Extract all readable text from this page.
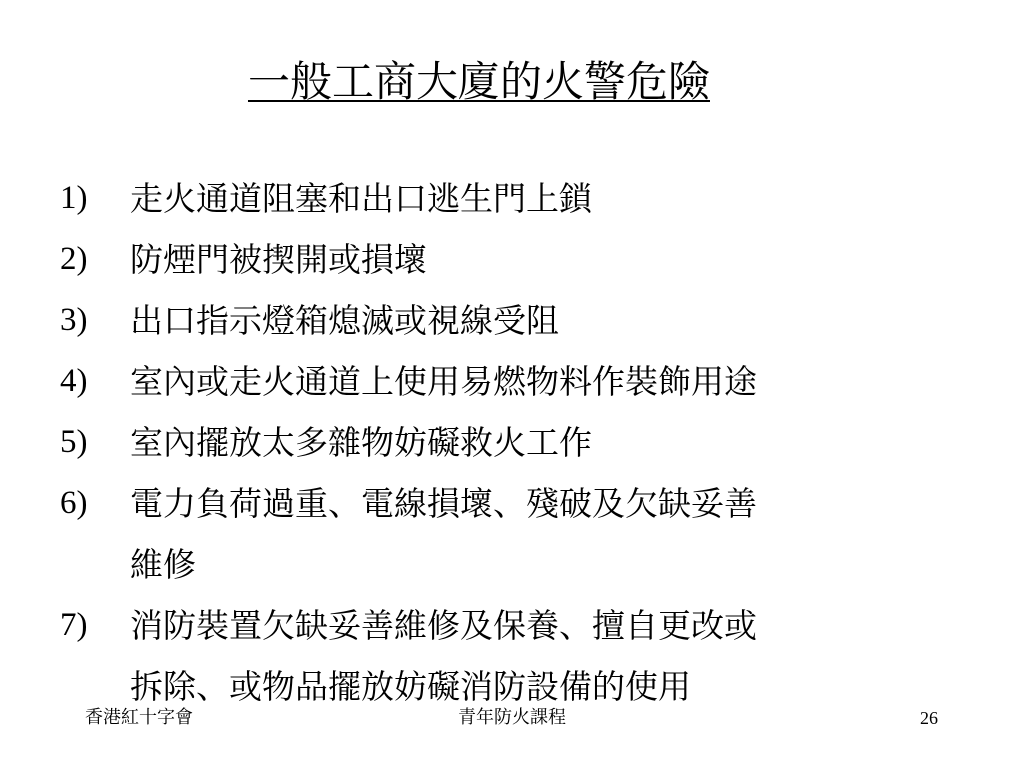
一般工商大廈的火警危險
1)	走火通道阻塞和出口逃生門上鎖
2)	防煙門被揳開或損壞
3)	出口指示燈箱熄滅或視線受阻
4)	室內或走火通道上使用易燃物料作裝飾用途
5)	室內擺放太多雜物妨礙救火工作
6)	電力負荷過重、電線損壞、殘破及欠缺妥善
維修
7)	消防裝置欠缺妥善維修及保養、擅自更改或
拆除、或物品擺放妨礙消防設備的使用
香港紅十字會	青年防火課程	26
